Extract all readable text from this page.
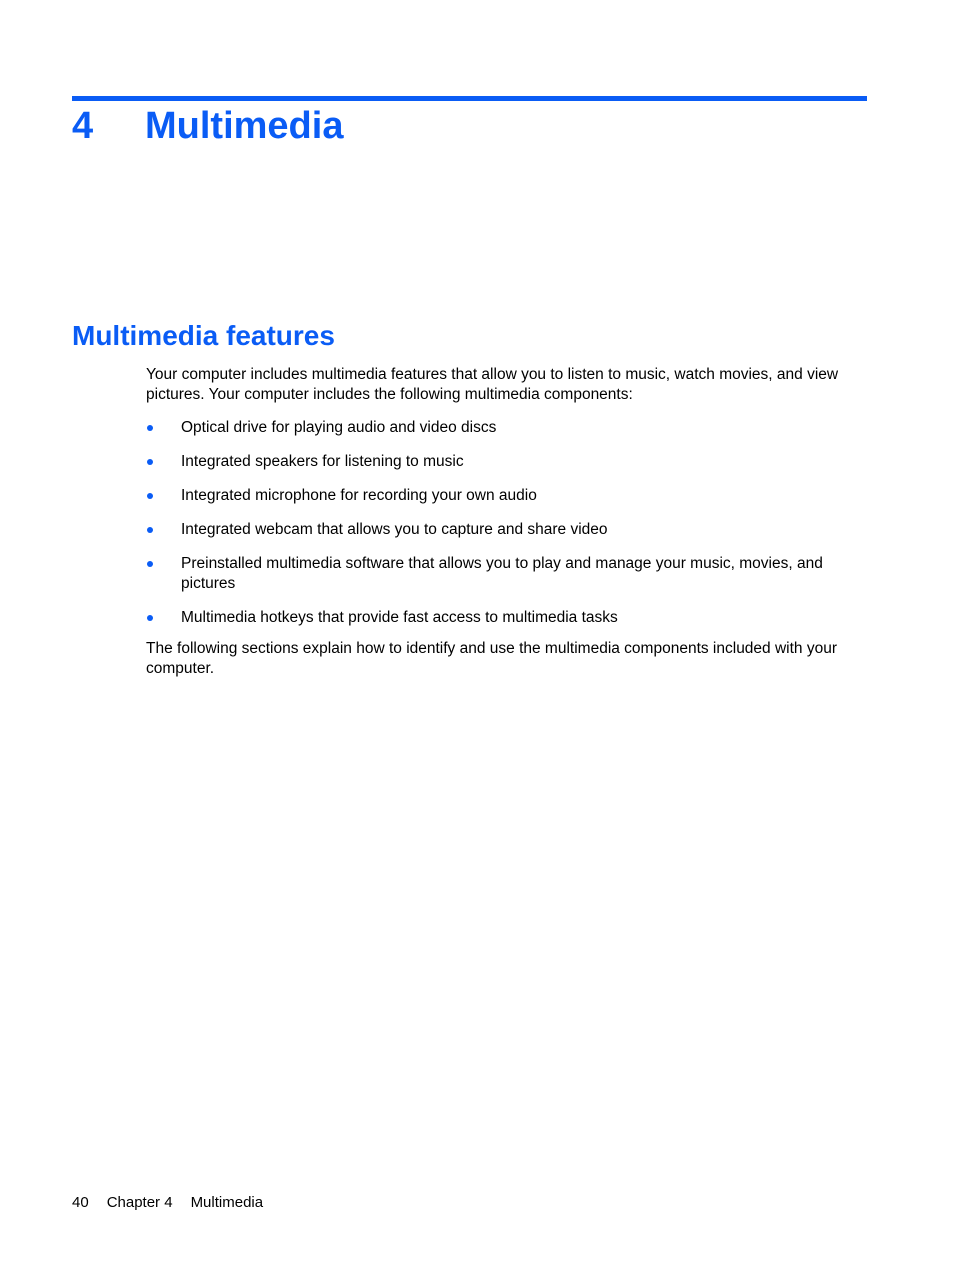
4 Multimedia
Multimedia features

Your computer includes multimedia features that allow you to listen to music, watch movies, and view pictures. Your computer includes the following multimedia components:

Optical drive for playing audio and video discs
Integrated speakers for listening to music
Integrated microphone for recording your own audio
Integrated webcam that allows you to capture and share video
Preinstalled multimedia software that allows you to play and manage your music, movies, and pictures
Multimedia hotkeys that provide fast access to multimedia tasks

The following sections explain how to identify and use the multimedia components included with your computer.

40 Chapter 4 Multimedia
